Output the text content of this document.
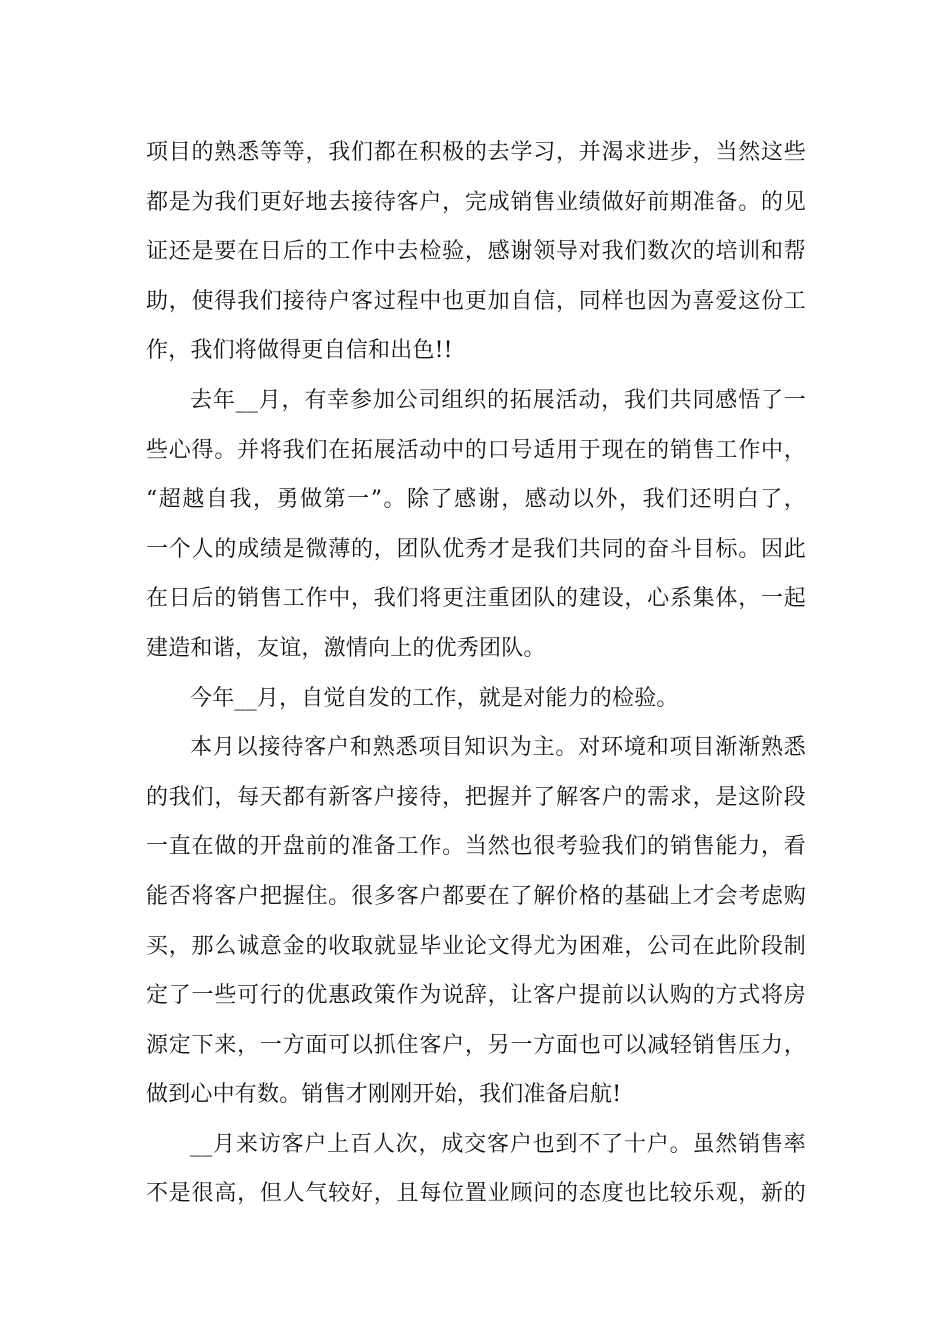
项目的熟悉等等，我们都在积极的去学习，并渴求进步，当然这些
都是为我们更好地去接待客户，完成销售业绩做好前期准备。的见
证还是要在日后的工作中去检验，感谢领导对我们数次的培训和帮
助，使得我们接待户客过程中也更加自信，同样也因为喜爱这份工
作，我们将做得更自信和出色!!
去年__月，有幸参加公司组织的拓展活动，我们共同感悟了一
些心得。并将我们在拓展活动中的口号适用于现在的销售工作中，
“超越自我，勇做第一”。除了感谢，感动以外，我们还明白了，
一个人的成绩是微薄的，团队优秀才是我们共同的奋斗目标。因此
在日后的销售工作中，我们将更注重团队的建设，心系集体，一起
建造和谐，友谊，激情向上的优秀团队。
今年__月，自觉自发的工作，就是对能力的检验。
本月以接待客户和熟悉项目知识为主。对环境和项目渐渐熟悉
的我们，每天都有新客户接待，把握并了解客户的需求，是这阶段
一直在做的开盘前的准备工作。当然也很考验我们的销售能力，看
能否将客户把握住。很多客户都要在了解价格的基础上才会考虑购
买，那么诚意金的收取就显毕业论文得尤为困难，公司在此阶段制
定了一些可行的优惠政策作为说辞，让客户提前以认购的方式将房
源定下来，一方面可以抓住客户，另一方面也可以减轻销售压力，
做到心中有数。销售才刚刚开始，我们准备启航!
__月来访客户上百人次，成交客户也到不了十户。虽然销售率
不是很高，但人气较好，且每位置业顾问的态度也比较乐观，新的
